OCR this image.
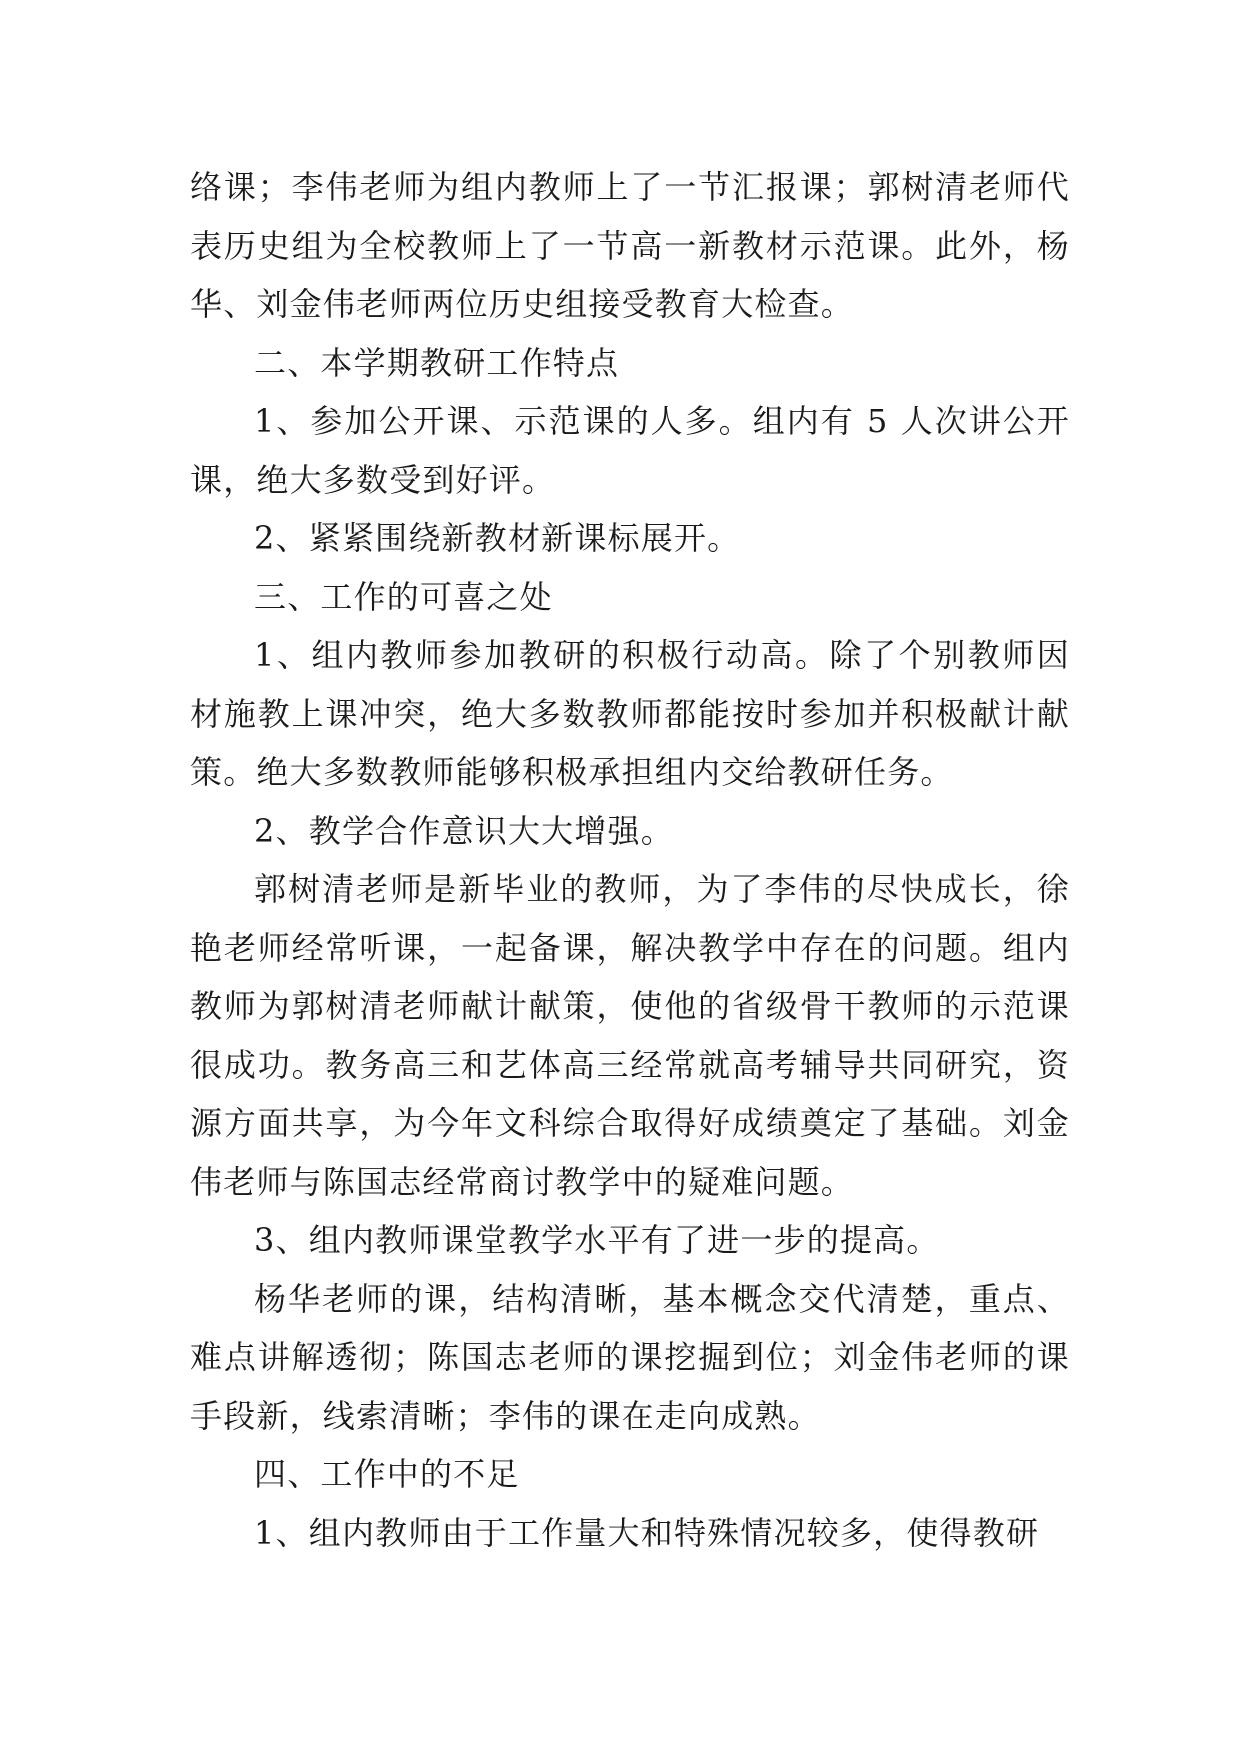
络课；李伟老师为组内教师上了一节汇报课；郭树清老师代表历史组为全校教师上了一节高一新教材示范课。此外，杨华、刘金伟老师两位历史组接受教育大检查。

二、本学期教研工作特点

1、参加公开课、示范课的人多。组内有 5 人次讲公开课，绝大多数受到好评。

2、紧紧围绕新教材新课标展开。

三、工作的可喜之处

1、组内教师参加教研的积极行动高。除了个别教师因材施教上课冲突，绝大多数教师都能按时参加并积极献计献策。绝大多数教师能够积极承担组内交给教研任务。

2、教学合作意识大大增强。

郭树清老师是新毕业的教师，为了李伟的尽快成长，徐艳老师经常听课，一起备课，解决教学中存在的问题。组内教师为郭树清老师献计献策，使他的省级骨干教师的示范课很成功。教务高三和艺体高三经常就高考辅导共同研究，资源方面共享，为今年文科综合取得好成绩奠定了基础。刘金伟老师与陈国志经常商讨教学中的疑难问题。

3、组内教师课堂教学水平有了进一步的提高。

杨华老师的课，结构清晰，基本概念交代清楚，重点、难点讲解透彻；陈国志老师的课挖掘到位；刘金伟老师的课手段新，线索清晰；李伟的课在走向成熟。

四、工作中的不足

1、组内教师由于工作量大和特殊情况较多，使得教研
